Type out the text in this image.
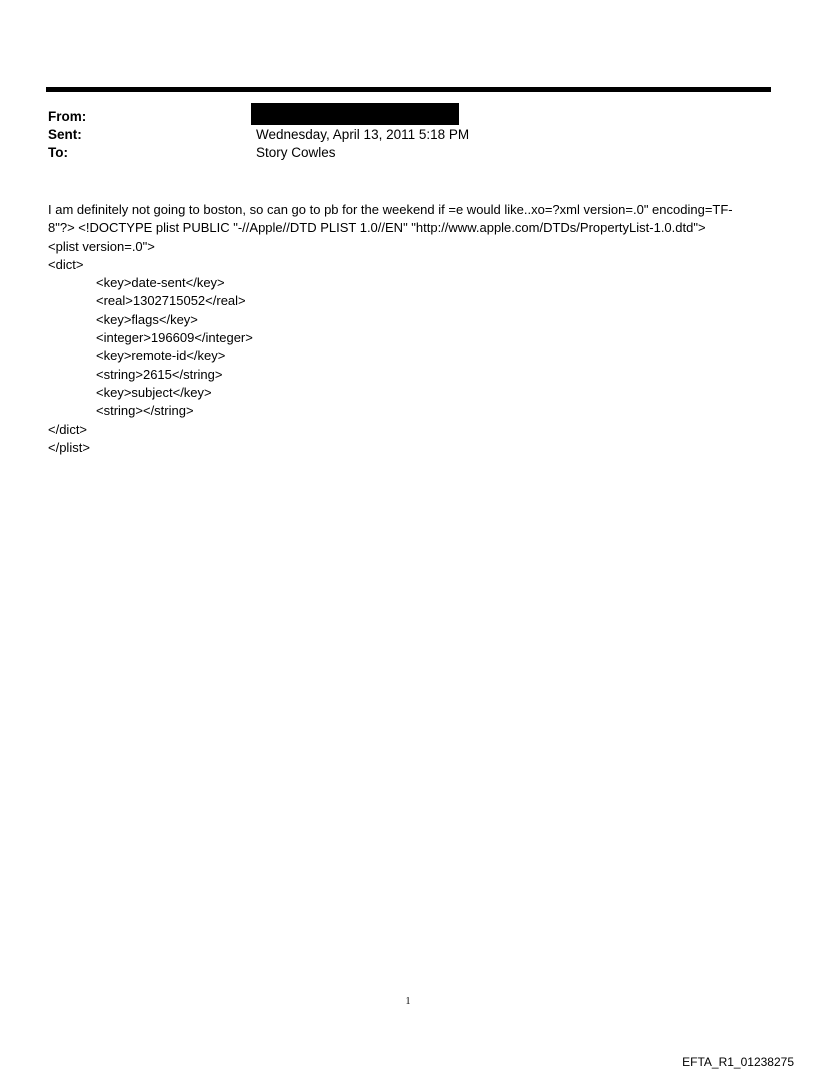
From:
Sent:	Wednesday, April 13, 2011 5:18 PM
To:	Story Cowles
I am definitely not going to boston, so can go to pb for the weekend if =e would like..xo=?xml version=.0" encoding=TF-
8"?> <!DOCTYPE plist PUBLIC "-//Apple//DTD PLIST 1.0//EN" "http://www.apple.com/DTDs/PropertyList-1.0.dtd">
<plist version=.0">
<dict>
<key>date-sent</key>
<real>1302715052</real>
<key>flags</key>
<integer>196609</integer>
<key>remote-id</key>
<string>2615</string>
<key>subject</key>
<string></string>
</dict>
</plist>
1
EFTA_R1_01238275
